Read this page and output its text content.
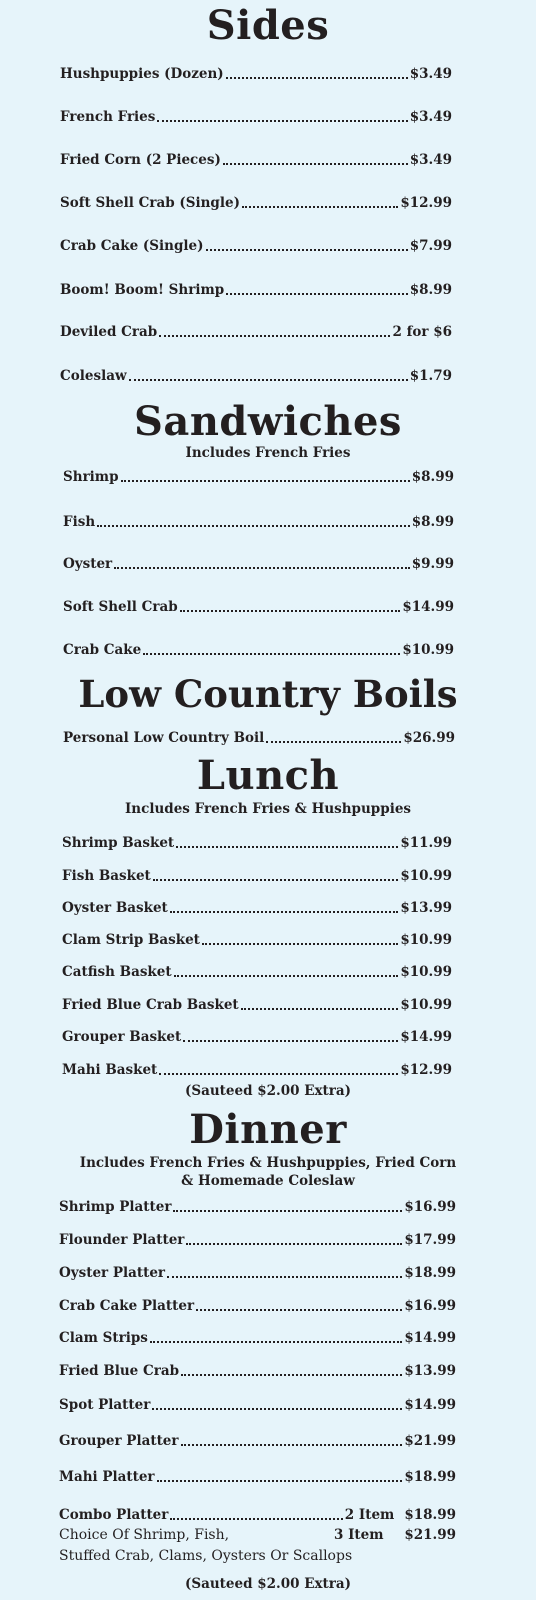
Sides
Hushpuppies (Dozen)	$3.49
French Fries	$3.49
Fried Corn (2 Pieces)	$3.49
Soft Shell Crab (Single)	$12.99
Crab Cake (Single)	$7.99
Boom! Boom! Shrimp	$8.99
Deviled Crab	2 for $6
Coleslaw	$1.79
Sandwiches
Includes French Fries
Shrimp	$8.99
Fish	$8.99
Oyster	$9.99
Soft Shell Crab	$14.99
Crab Cake	$10.99
Low Country Boils
Personal Low Country Boil	$26.99
Lunch
Includes French Fries & Hushpuppies
Shrimp Basket	$11.99
Fish Basket	$10.99
Oyster Basket	$13.99
Clam Strip Basket	$10.99
Catfish Basket	$10.99
Fried Blue Crab Basket	$10.99
Grouper Basket	$14.99
Mahi Basket	$12.99
(Sauteed $2.00 Extra)
Dinner
Includes French Fries & Hushpuppies, Fried Corn
& Homemade Coleslaw
Shrimp Platter	$16.99
Flounder Platter	$17.99
Oyster Platter	$18.99
Crab Cake Platter	$16.99
Clam Strips	$14.99
Fried Blue Crab	$13.99
Spot Platter	$14.99
Grouper Platter	$21.99
Mahi Platter	$18.99
Combo Platter	2 Item $18.99
3 Item $21.99
Choice Of Shrimp, Fish,
Stuffed Crab, Clams, Oysters Or Scallops
(Sauteed $2.00 Extra)
